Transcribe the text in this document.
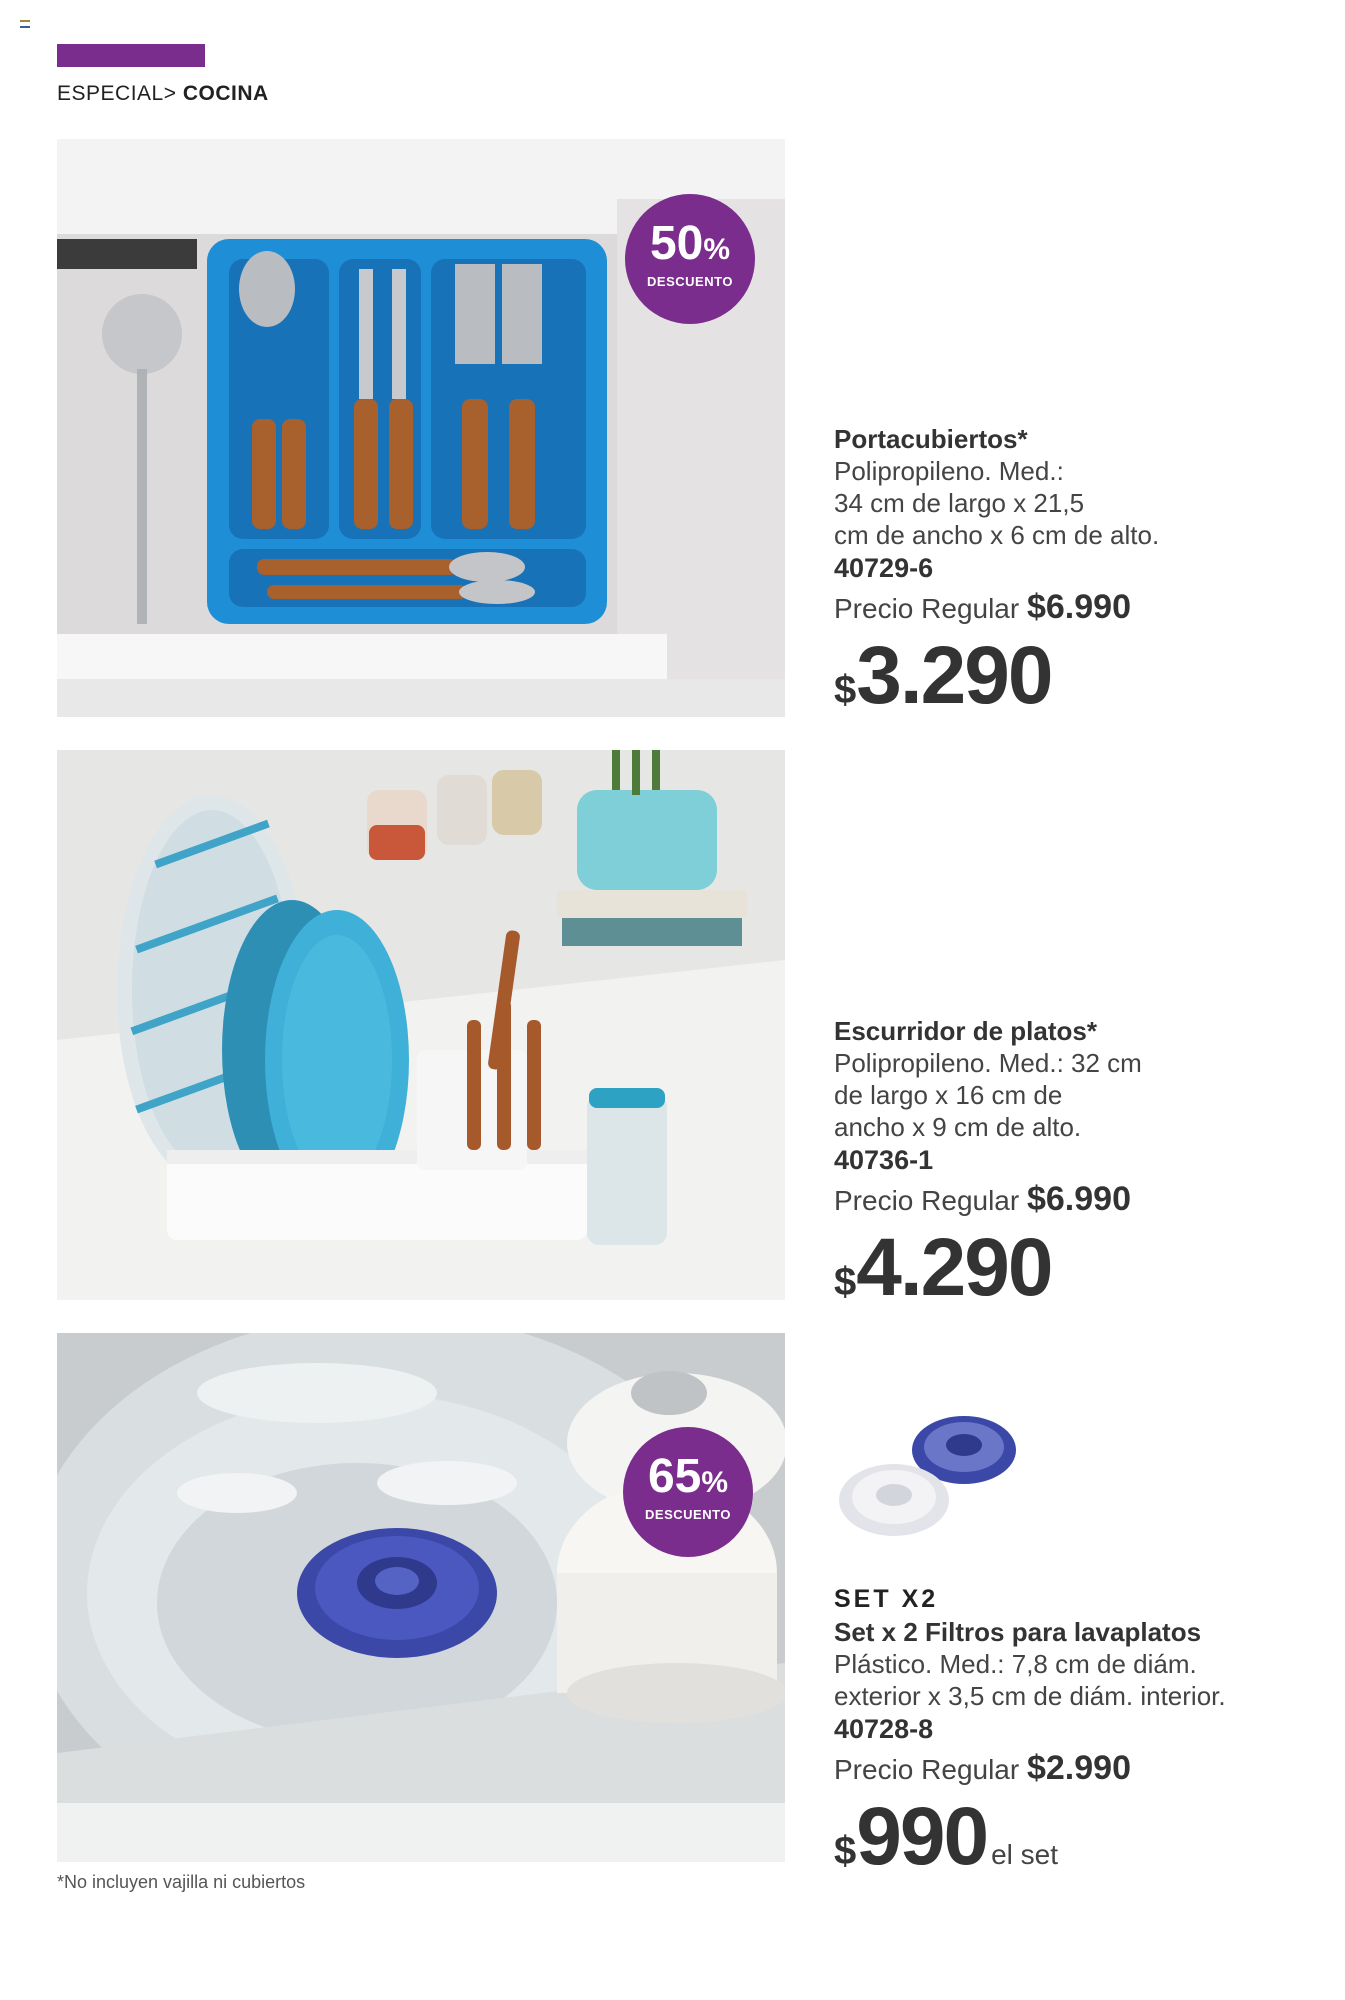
ESPECIAL> COCINA
50%
DESCUENTO
Portacubiertos*
Polipropileno. Med.:
34 cm de largo x 21,5
cm de ancho x 6 cm de alto.
40729-6
Precio Regular $6.990
$3.290
Escurridor de platos*
Polipropileno. Med.: 32 cm
de largo x 16 cm de
ancho x 9 cm de alto.
40736-1
Precio Regular $6.990
$4.290
65%
DESCUENTO
SET X2
Set x 2 Filtros para lavaplatos
Plástico. Med.: 7,8 cm de diám.
exterior x 3,5 cm de diám. interior.
40728-8
Precio Regular $2.990
$990 el set
*No incluyen vajilla ni cubiertos
